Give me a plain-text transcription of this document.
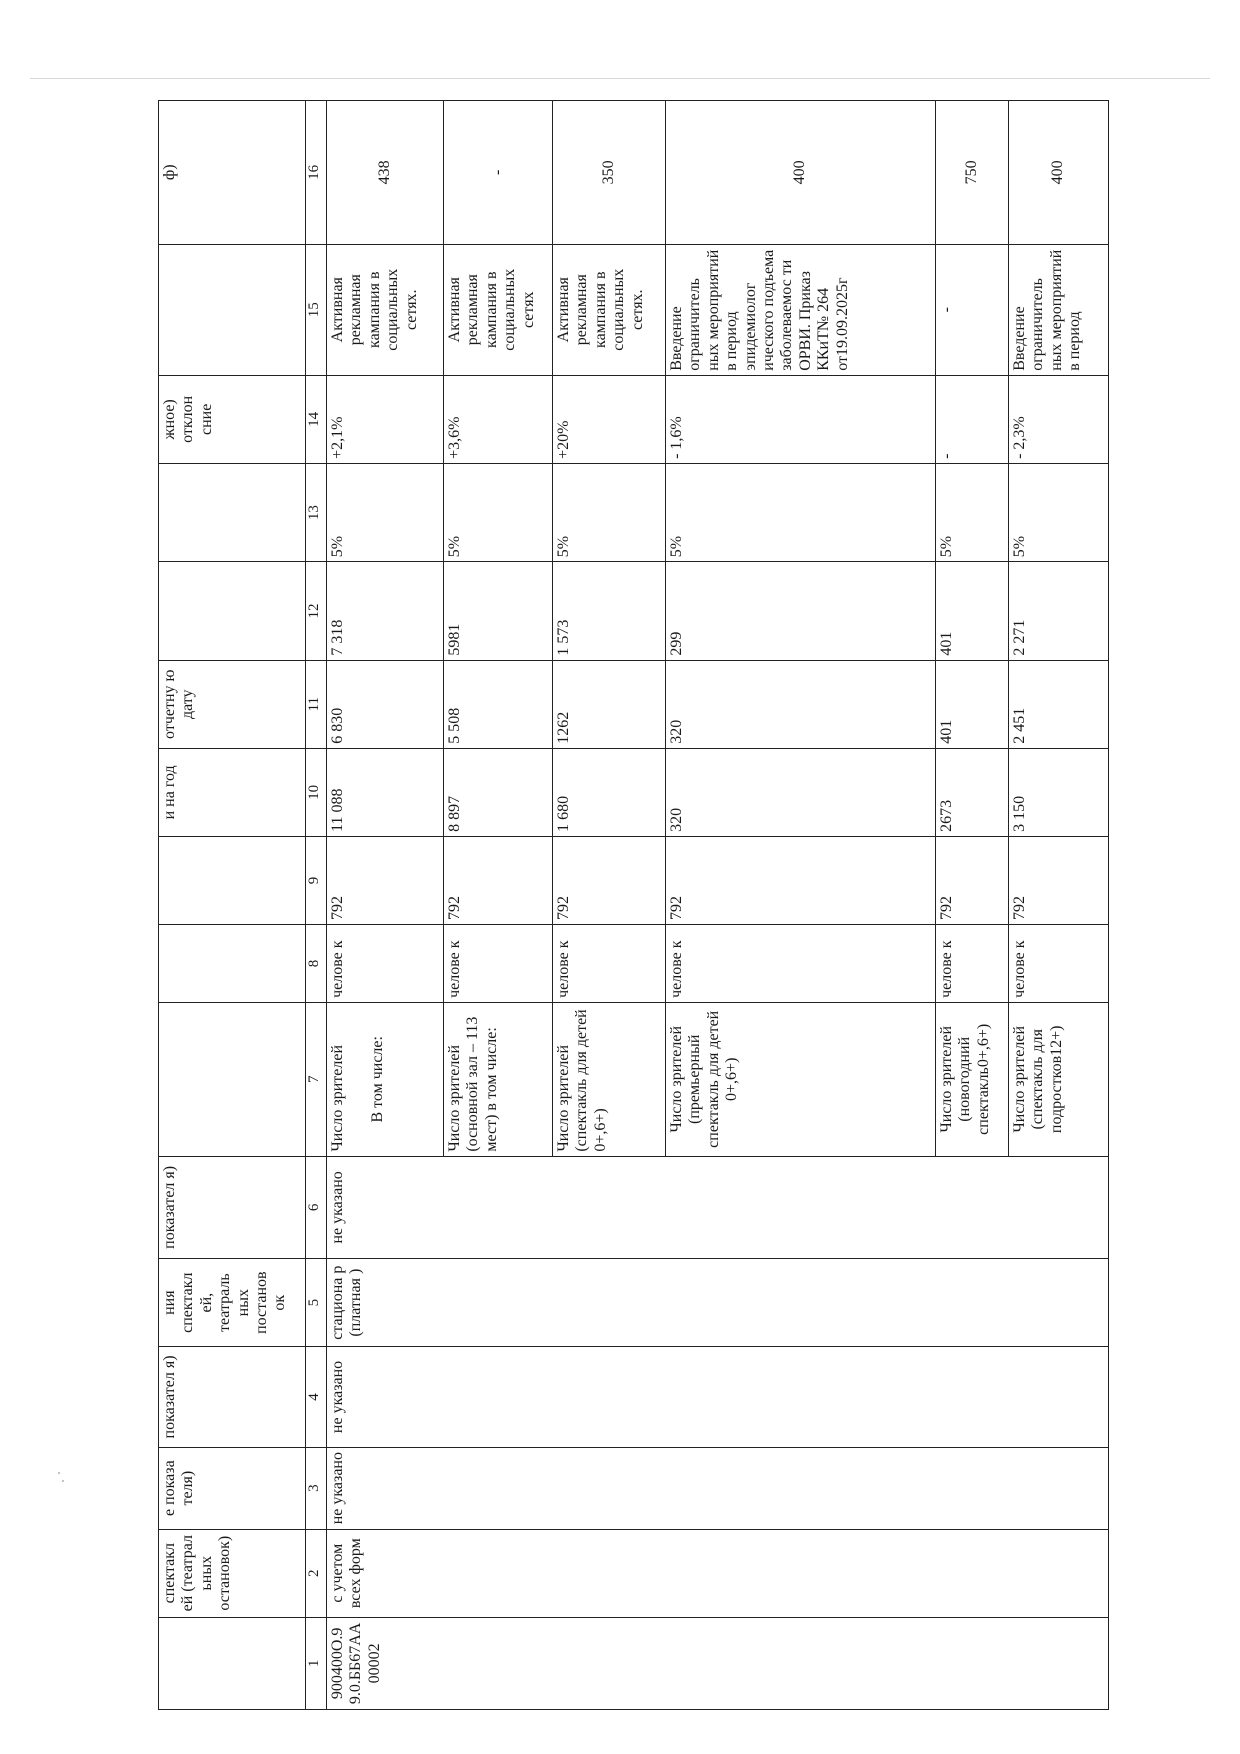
	спектакл ей (театрал ьных остановок)	е показа теля)	показател я)	ния спектакл ей, театраль ных постанов ок	показател я)				и на год	отчетну ю дату			жное) отклон сние		ф)
1	2	3	4	5	6	7	8	9	10	11	12	13	14	15	16
900400О.99.0.ББ67АА00002	с учетом всех форм	не указано	не указано	стациона р (платная )	не указано	Число зрителей В том числе:	челове к	792	11 088	6 830	7 318	5%	+2,1%	Активная рекламная кампания в социальных сетях.	438
						Число зрителей (основной зал – 113 мест) в том числе:	челове к	792	8 897	5 508	5981	5%	+3,6%	Активная рекламная кампания в социальных сетях	-
						Число зрителей (спектакль для детей 0+,6+)	челове к	792	1 680	1262	1 573	5%	+20%	Активная рекламная кампания в социальных сетях.	350
						Число зрителей (премьерный спектакль для детей 0+,6+)	челове к	792	320	320	299	5%	- 1,6%	Введение ограничитель ных мероприятий в период эпидемиолог ического подъема заболеваемос ти ОРВИ. Приказ ККиТ№ 264 от19.09.2025г	400
						Число зрителей (новогодний спектакль0+,6+)	челове к	792	2673	401	401	5%	-	-	750
						Число зрителей (спектакль для подростков12+)	челове к	792	3 150	2 451	2 271	5%	- 2,3%	Введение ограничитель ных мероприятий в период	400
